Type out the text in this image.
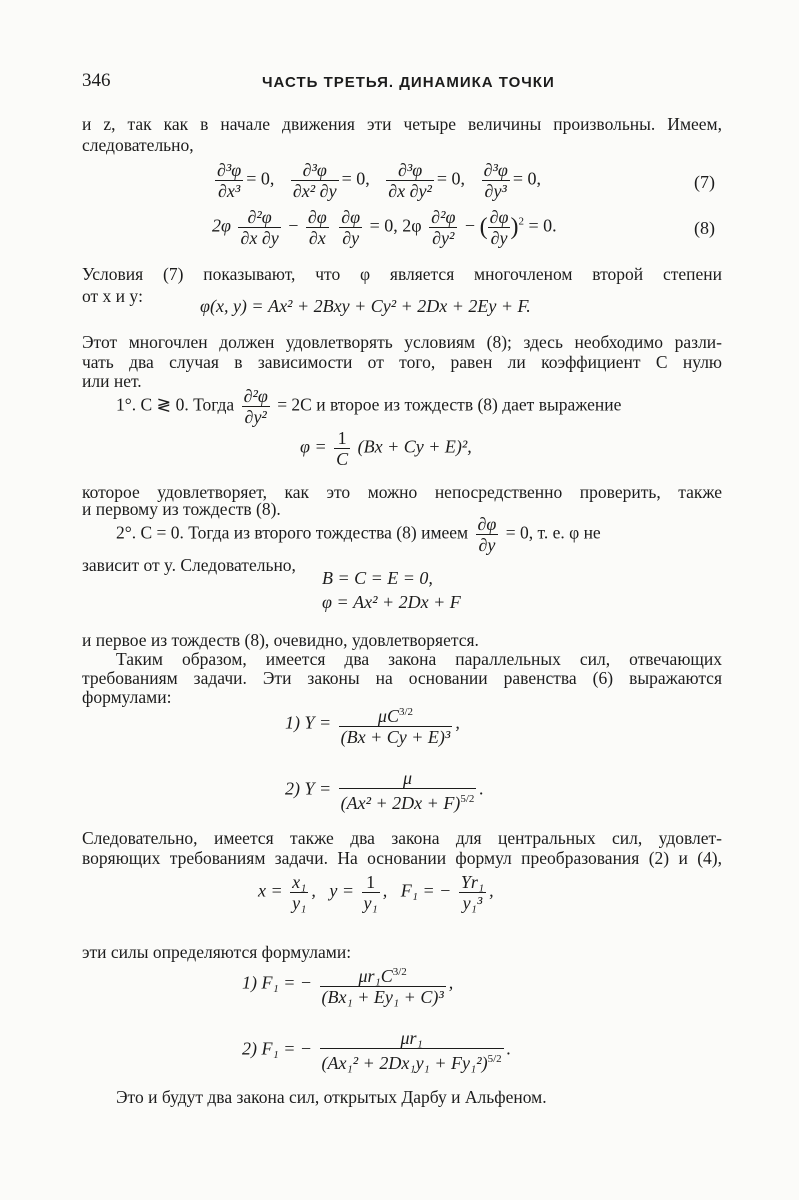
346	ЧАСТЬ ТРЕТЬЯ. ДИНАМИКА ТОЧКИ
и z, так как в начале движения эти четыре величины произвольны. Имеем,
следовательно,
$\frac{\text{∂³φ}}{\text{∂x³}} = 0$, $\frac{\text{∂³φ}}{\text{∂x² ∂y}} = 0$, $\frac{\text{∂³φ}}{\text{∂x ∂y²}} = 0$, $\frac{\text{∂³φ}}{\text{∂y³}} = 0$,	(7)
$2\varphi \frac{\text{∂²φ}}{\partial x \partial y} - \frac{\partial\varphi}{\partial x}$
$\frac{\partial\varphi}{\partial y} = 0$, $2\varphi \frac{\text{∂²φ}}{\text{∂y²}}$ − ( $\frac{\partial\varphi}{\partial y} )^2 = 0$.	(8)
Условия (7) показывают, что φ является многочленом второй степени
от x и y:	φ(x, y) = Ax² + 2Bxy + Cy² + 2Dx + 2Ey + F.
Этот многочлен должен удовлетворять условиям (8); здесь необходимо разли-
чать два случая в зависимости от того, равен ли коэффициент C нулю
или нет.
1°. C ≷ 0. Тогда $\frac{\text{∂²φ}}{\text{∂y²}} = 2C$ и второе из тождеств (8) дает выражение
$\varphi = \frac{1}{C} (Bx + Cy + E)^2$,
которое удовлетворяет, как это можно непосредственно проверить, также
и первому из тождеств (8).
2°. C = 0. Тогда из второго тождества (8) имеем $\frac{\partial\varphi}{\partial y} = 0$, т. е. φ не
зависит от y. Следовательно,
B = C = E = 0,
φ = Ax² + 2Dx + F
и первое из тождеств (8), очевидно, удовлетворяется.
Таким образом, имеется два закона параллельных сил, отвечающих
требованиям задачи. Эти законы на основании равенства (6) выражаются
формулами:
1) $Y = \frac{\mu C^{3/2}}{\text{(Bx + Cy + E)³}}$ ,
2) $Y = \frac{\mu}{(Ax^2 + 2Dx + F)^{5/2}}$ .
Следовательно, имеется также два закона для центральных сил, удовлет-
воряющих требованиям задачи. На основании формул преобразования (2) и (4),
$x = \frac{\text{x₁}}{\text{y₁}}$ , $y = \frac{1}{\text{y₁}}$ , F₁ = − $\frac{\text{Yr₁}}{\text{y₁³}}$ ,
эти силы определяются формулами:
1) F₁ = − $\frac{\mu r_1C^{3/2}}{\text{(Bx₁ + Ey₁ + C)³}}$ ,
2) F₁ = − $\frac{\text{μr₁}}{(Ax_1^2 + 2Dx_1y_1 + Fy_1^2)^{5/2}}$ .
Это и будут два закона сил, открытых Дарбу и Альфеном.
